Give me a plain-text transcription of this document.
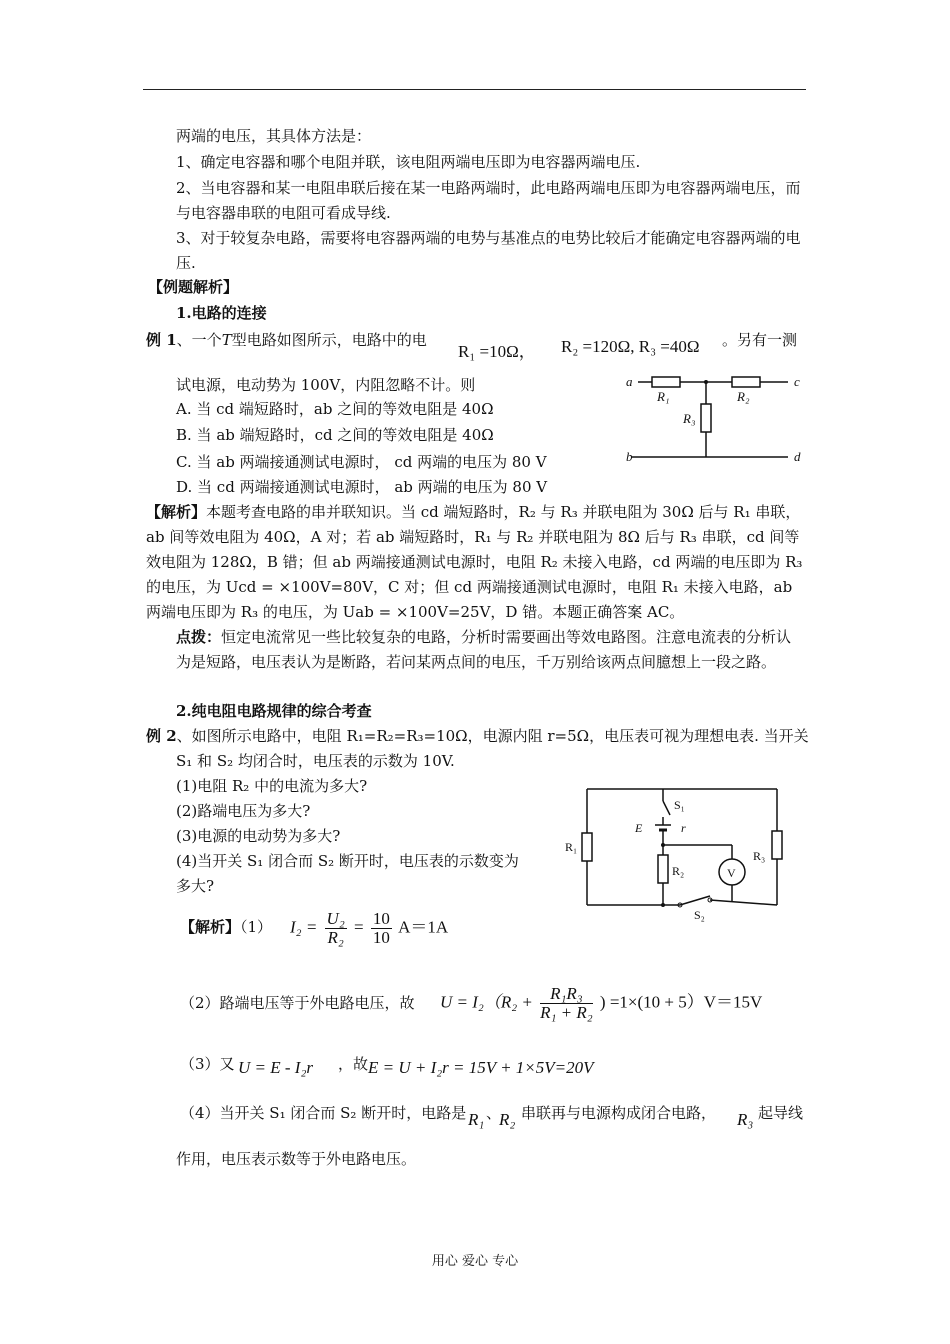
两端的电压，其具体方法是：
1、确定电容器和哪个电阻并联，该电阻两端电压即为电容器两端电压.
2、当电容器和某一电阻串联后接在某一电路两端时，此电路两端电压即为电容器两端电压，而与电容器串联的电阻可看成导线.
3、对于较复杂电路，需要将电容器两端的电势与基准点的电势比较后才能确定电容器两端的电压.
【例题解析】
1.电路的连接
例 1、一个T型电路如图所示，电路中的电
R₁ =10Ω， R₂ =120Ω, R₃ =40Ω 。另有一测
试电源，电动势为 100V，内阻忽略不计。则
A. 当 cd 端短路时，ab 之间的等效电阻是 40Ω
B. 当 ab 端短路时，cd 之间的等效电阻是 40Ω
C. 当 ab 两端接通测试电源时， cd 两端的电压为 80 V
D. 当 cd 两端接通测试电源时， ab 两端的电压为 80 V
a	c
b	d
R₁	R₂
R₃
【解析】本题考查电路的串并联知识。当 cd 端短路时，R₂ 与 R₃ 并联电阻为 30Ω 后与 R₁ 串联，ab 间等效电阻为 40Ω，A 对；若 ab 端短路时，R₁ 与 R₂ 并联电阻为 8Ω 后与 R₃ 串联，cd 间等效电阻为 128Ω，B 错；但 ab 两端接通测试电源时，电阻 R₂ 未接入电路，cd 两端的电压即为 R₃ 的电压，为 Ucd = ×100V=80V，C 对；但 cd 两端接通测试电源时，电阻 R₁ 未接入电路，ab 两端电压即为 R₃ 的电压，为 Uab = ×100V=25V，D 错。本题正确答案 AC。
点拨：恒定电流常见一些比较复杂的电路，分析时需要画出等效电路图。注意电流表的分析认为是短路，电压表认为是断路，若问某两点间的电压，千万别给该两点间臆想上一段之路。
2.纯电阻电路规律的综合考查
例 2、如图所示电路中，电阻 R₁=R₂=R₃=10Ω，电源内阻 r=5Ω，电压表可视为理想电表. 当开关
S₁ 和 S₂ 均闭合时，电压表的示数为 10V.
(1)电阻 R₂ 中的电流为多大?
(2)路端电压为多大?
(3)电源的电动势为多大?
(4)当开关 S₁ 闭合而 S₂ 断开时，电压表的示数变为
多大?
S₁
E	r
R₁
R₂
R₃
V
S₂
【解析】（1） $I_2 = \frac{\text{U₂}}{\text{R₂}} = \frac{10}{10} A=1A$
（2）路端电压等于外电路电压，故 $U = I_2(R_2 + \frac{\text{R₁R₃}}{\text{R₁ + R₂}}$ ) =1×(10 + 5）V＝15V
（3）又 U = E - I₂r ，故 E = U + I₂r = 15V + 1×5V=20V
（4）当开关 S₁ 闭合而 S₂ 断开时，电路是 R₁ 、
R₂ 串联再与电源构成闭合电路， R₃ 起导线
作用，电压表示数等于外电路电压。
用心 爱心 专心
